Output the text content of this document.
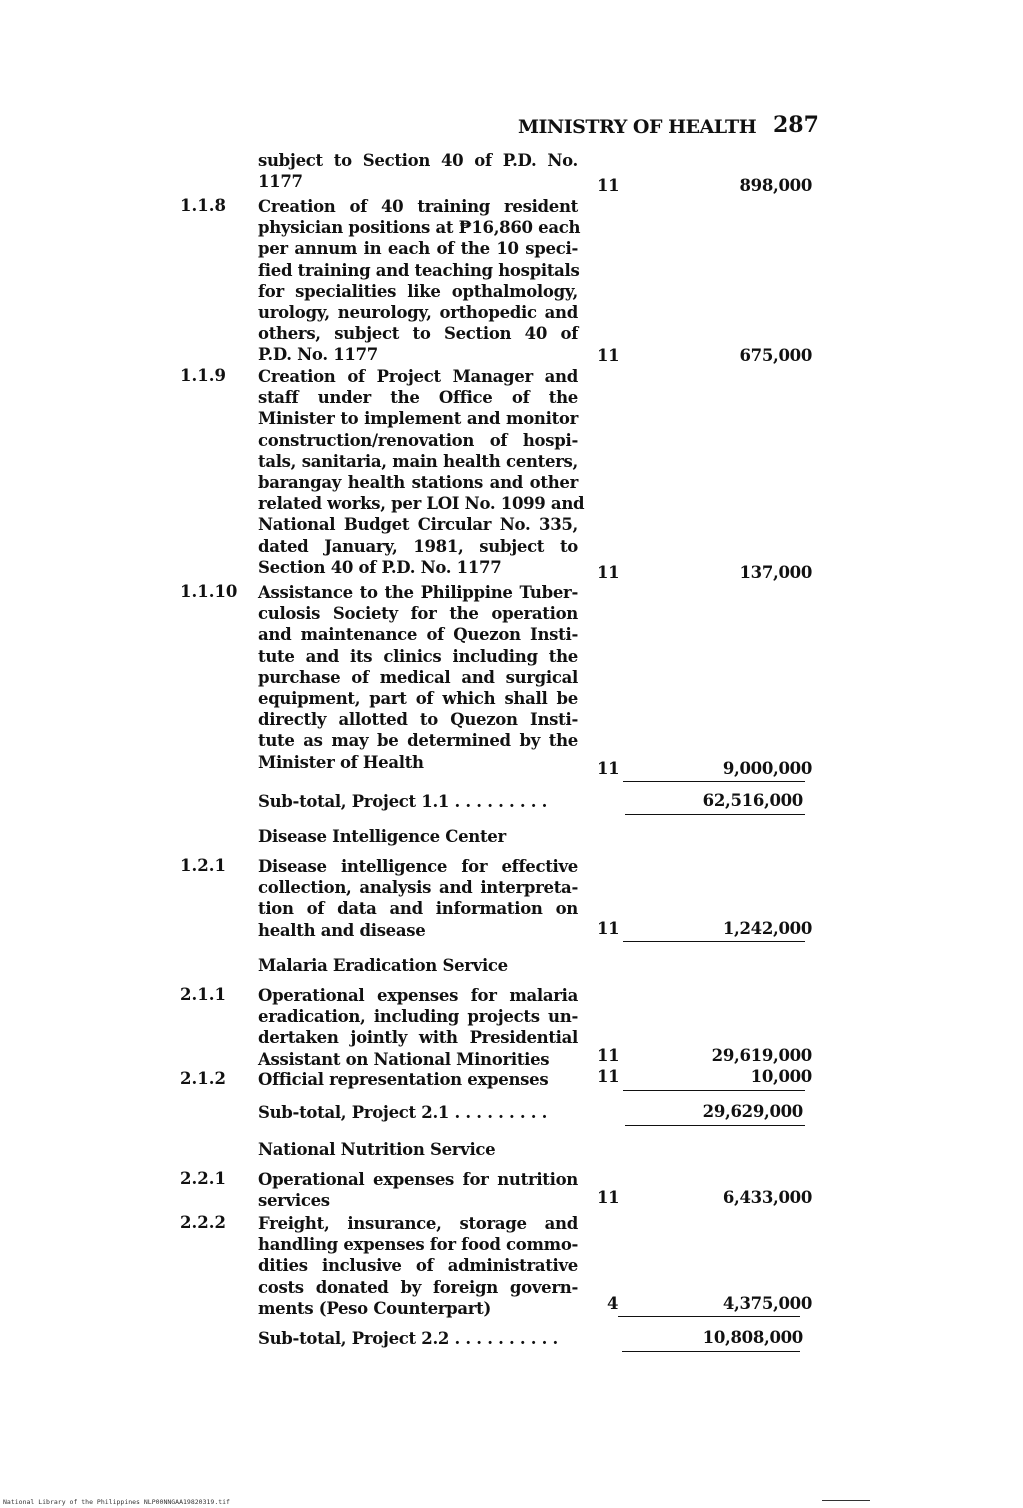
MINISTRY OF HEALTH 287
subject to Section 40 of P.D. No.
1177	11	898,000
1.1.8 Creation of 40 training resident
physician positions at ₱16,860 each
per annum in each of the 10 speci-
fied training and teaching hospitals
for specialities like opthalmology,
urology, neurology, orthopedic and
others, subject to Section 40 of
P.D. No. 1177	11	675,000
1.1.9 Creation of Project Manager and
staff under the Office of the
Minister to implement and monitor
construction/renovation of hospi-
tals, sanitaria, main health centers,
barangay health stations and other
related works, per LOI No. 1099 and
National Budget Circular No. 335,
dated January, 1981, subject to
Section 40 of P.D. No. 1177	11	137,000
1.1.10 Assistance to the Philippine Tuber-
culosis Society for the operation
and maintenance of Quezon Insti-
tute and its clinics including the
purchase of medical and surgical
equipment, part of which shall be
directly allotted to Quezon Insti-
tute as may be determined by the
Minister of Health	11	9,000,000
Sub-total, Project 1.1 . . . . . . . . .	62,516,000
Disease Intelligence Center
1.2.1 Disease intelligence for effective
collection, analysis and interpreta-
tion of data and information on
health and disease	11	1,242,000
Malaria Eradication Service
2.1.1 Operational expenses for malaria
eradication, including projects un-
dertaken jointly with Presidential
Assistant on National Minorities	11	29,619,000
2.1.2 Official representation expenses	11	10,000
Sub-total, Project 2.1 . . . . . . . . .	29,629,000
National Nutrition Service
2.2.1 Operational expenses for nutrition
services	11	6,433,000
2.2.2 Freight, insurance, storage and
handling expenses for food commo-
dities inclusive of administrative
costs donated by foreign govern-
ments (Peso Counterpart)	4	4,375,000
Sub-total, Project 2.2 . . . . . . . . . .	10,808,000
National Library of the Philippines NLP00NNGAA19820319.tif
